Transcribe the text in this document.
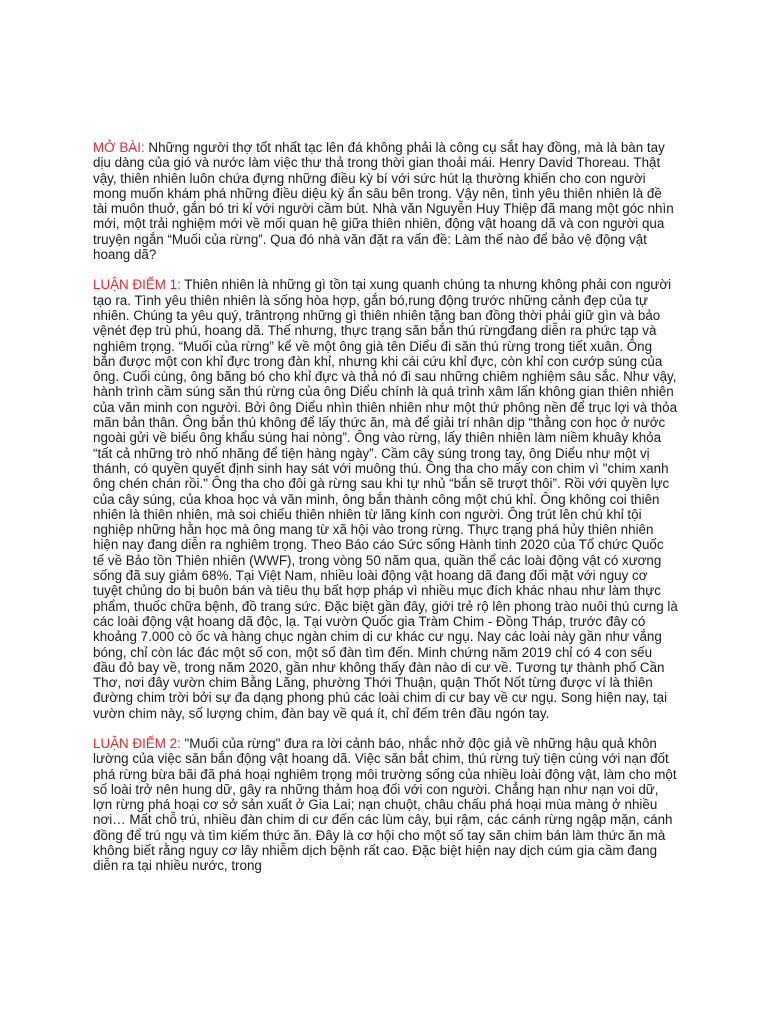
MỞ BÀI: Những người thợ tốt nhất tạc lên đá không phải là công cụ sắt hay đồng, mà là bàn tay dịu dàng của gió và nước làm việc thư thả trong thời gian thoải mái. Henry David Thoreau. Thật vậy, thiên nhiên luôn chứa đựng những điều kỳ bí với sức hút lạ thường khiến cho con người mong muốn khám phá những điều diệu kỳ ẩn sâu bên trong. Vậy nên, tình yêu thiên nhiên là đề tài muôn thuở, gắn bó tri kỉ với người cầm bút. Nhà văn Nguyễn Huy Thiệp đã mang một góc nhìn mới, một trải nghiệm mới về mối quan hệ giữa thiên nhiên, động vật hoang dã và con người qua truyện ngắn “Muối của rừng”. Qua đó nhà văn đặt ra vấn đề: Làm thế nào để bảo vệ động vật hoang dã?

LUẬN ĐIỂM 1: Thiên nhiên là những gì tồn tại xung quanh chúng ta nhưng không phải con người tạo ra. Tình yêu thiên nhiên là sống hòa hợp, gắn bó,rung động trước những cảnh đẹp của tự nhiên. Chúng ta yêu quý, trântrọng những gì thiên nhiên tặng ban đồng thời phải giữ gìn và bảo vệnét đẹp trù phú, hoang dã. Thế nhưng, thực trạng săn bắn thú rừngđang diễn ra phức tạp và nghiêm trọng. “Muối của rừng” kể về một ông già tên Diểu đi săn thú rừng trong tiết xuân. Ông bắn được một con khỉ đực trong đàn khỉ, nhưng khi cái cứu khỉ đực, còn khỉ con cướp súng của ông. Cuối cùng, ông băng bó cho khỉ đực và thả nó đi sau những chiêm nghiệm sâu sắc. Như vậy, hành trình cầm súng săn thú rừng của ông Diểu chính là quá trình xâm lấn không gian thiên nhiên của văn minh con người. Bởi ông Diểu nhìn thiên nhiên như một thứ phông nền để trục lợi và thỏa mãn bản thân. Ông bắn thú không để lấy thức ăn, mà để giải trí nhân dịp “thằng con học ở nước ngoài gửi về biếu ông khẩu súng hai nòng”. Ông vào rừng, lấy thiên nhiên làm niềm khuây khỏa “tất cả những trò nhố nhăng để tiện hàng ngày”. Cầm cây súng trong tay, ông Diểu như một vị thánh, có quyền quyết định sinh hay sát với muông thú. Ông tha cho mấy con chim vì "chim xanh ông chén chán rồi." Ông tha cho đôi gà rừng sau khi tự nhủ “bắn sẽ trượt thôi”. Rồi với quyền lực của cây súng, của khoa học và văn minh, ông bắn thành công một chú khỉ. Ông không coi thiên nhiên là thiên nhiên, mà soi chiếu thiên nhiên từ lăng kính con người. Ông trút lên chú khỉ tội nghiệp những hằn học mà ông mang từ xã hội vào trong rừng. Thực trạng phá hủy thiên nhiên hiện nay đang diễn ra nghiêm trọng. Theo Báo cáo Sức sống Hành tinh 2020 của Tổ chức Quốc tế về Bảo tồn Thiên nhiên (WWF), trong vòng 50 năm qua, quần thể các loài động vật có xương sống đã suy giảm 68%. Tại Việt Nam, nhiều loài động vật hoang dã đang đối mặt với nguy cơ tuyệt chủng do bị buôn bán và tiêu thụ bất hợp pháp vì nhiều mục đích khác nhau như làm thực phẩm, thuốc chữa bệnh, đồ trang sức. Đặc biệt gần đây, giới trẻ rộ lên phong trào nuôi thú cưng là các loài động vật hoang dã độc, lạ. Tại vườn Quốc gia Tràm Chim - Đồng Tháp, trước đây có khoảng 7.000 cò ốc và hàng chục ngàn chim di cư khác cư ngụ. Nay các loài này gần như vắng bóng, chỉ còn lác đác một số con, một số đàn tìm đến. Minh chứng năm 2019 chỉ có 4 con sếu đầu đỏ bay về, trong năm 2020, gần như không thấy đàn nào di cư về. Tương tự thành phố Cần Thơ, nơi đây vườn chim Bằng Lăng, phường Thới Thuận, quận Thốt Nốt từng được ví là thiên đường chim trời bởi sự đa dạng phong phú các loài chim di cư bay về cư ngụ. Song hiện nay, tại vườn chim này, số lượng chim, đàn bay về quá ít, chỉ đếm trên đầu ngón tay.

LUẬN ĐIỂM 2: "Muối của rừng" đưa ra lời cảnh báo, nhắc nhở độc giả về những hậu quả khôn lường của việc săn bắn động vật hoang dã. Việc săn bắt chim, thú rừng tuỳ tiện cùng với nạn đốt phá rừng bừa bãi đã phá hoại nghiêm trọng môi trường sống của nhiều loài động vật, làm cho một số loài trở nên hung dữ, gây ra những thảm hoạ đối với con người. Chẳng hạn như nạn voi dữ, lợn rừng phá hoại cơ sở sản xuất ở Gia Lai; nạn chuột, châu chấu phá hoại mùa màng ở nhiều nơi… Mất chỗ trú, nhiều đàn chim di cư đến các lùm cây, bụi rậm, các cánh rừng ngập mặn, cánh đồng để trú ngụ và tìm kiếm thức ăn. Đây là cơ hội cho một số tay săn chim bán làm thức ăn mà không biết rằng nguy cơ lây nhiễm dịch bệnh rất cao. Đặc biệt hiện nay dịch cúm gia cầm đang diễn ra tại nhiều nước, trong
